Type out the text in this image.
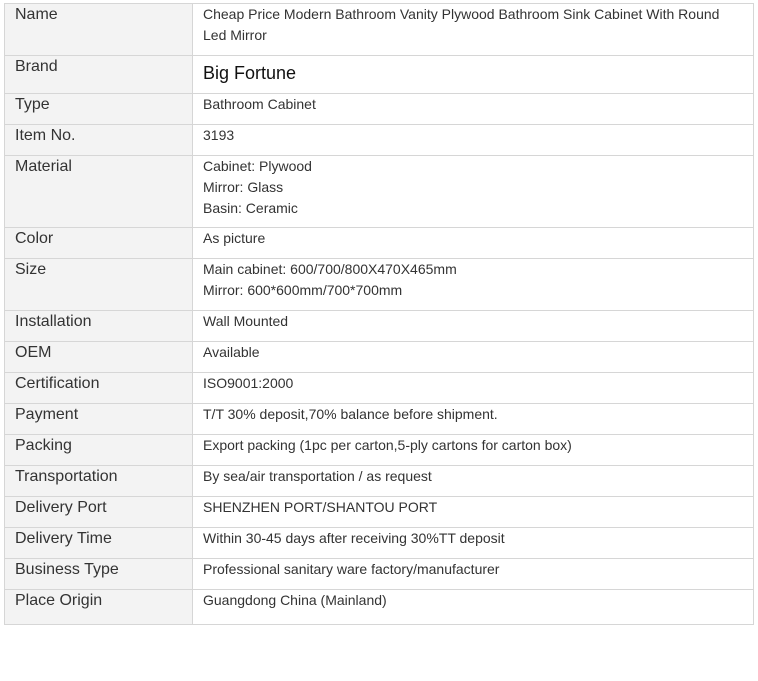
Name	Cheap Price Modern Bathroom Vanity Plywood Bathroom Sink Cabinet With Round Led Mirror

Brand	Big Fortune

Type	Bathroom Cabinet

Item No.	3193

Material	Cabinet: Plywood
Mirror: Glass
Basin: Ceramic

Color	As picture

Size	Main cabinet: 600/700/800X470X465mm
Mirror: 600*600mm/700*700mm

Installation	Wall Mounted

OEM	Available

Certification	ISO9001:2000

Payment	T/T 30% deposit,70% balance before shipment.

Packing	Export packing (1pc per carton,5-ply cartons for carton box)

Transportation	By sea/air transportation / as request

Delivery Port	SHENZHEN PORT/SHANTOU PORT

Delivery Time	Within 30-45 days after receiving 30%TT deposit

Business Type	Professional sanitary ware factory/manufacturer

Place Origin	Guangdong China (Mainland)
